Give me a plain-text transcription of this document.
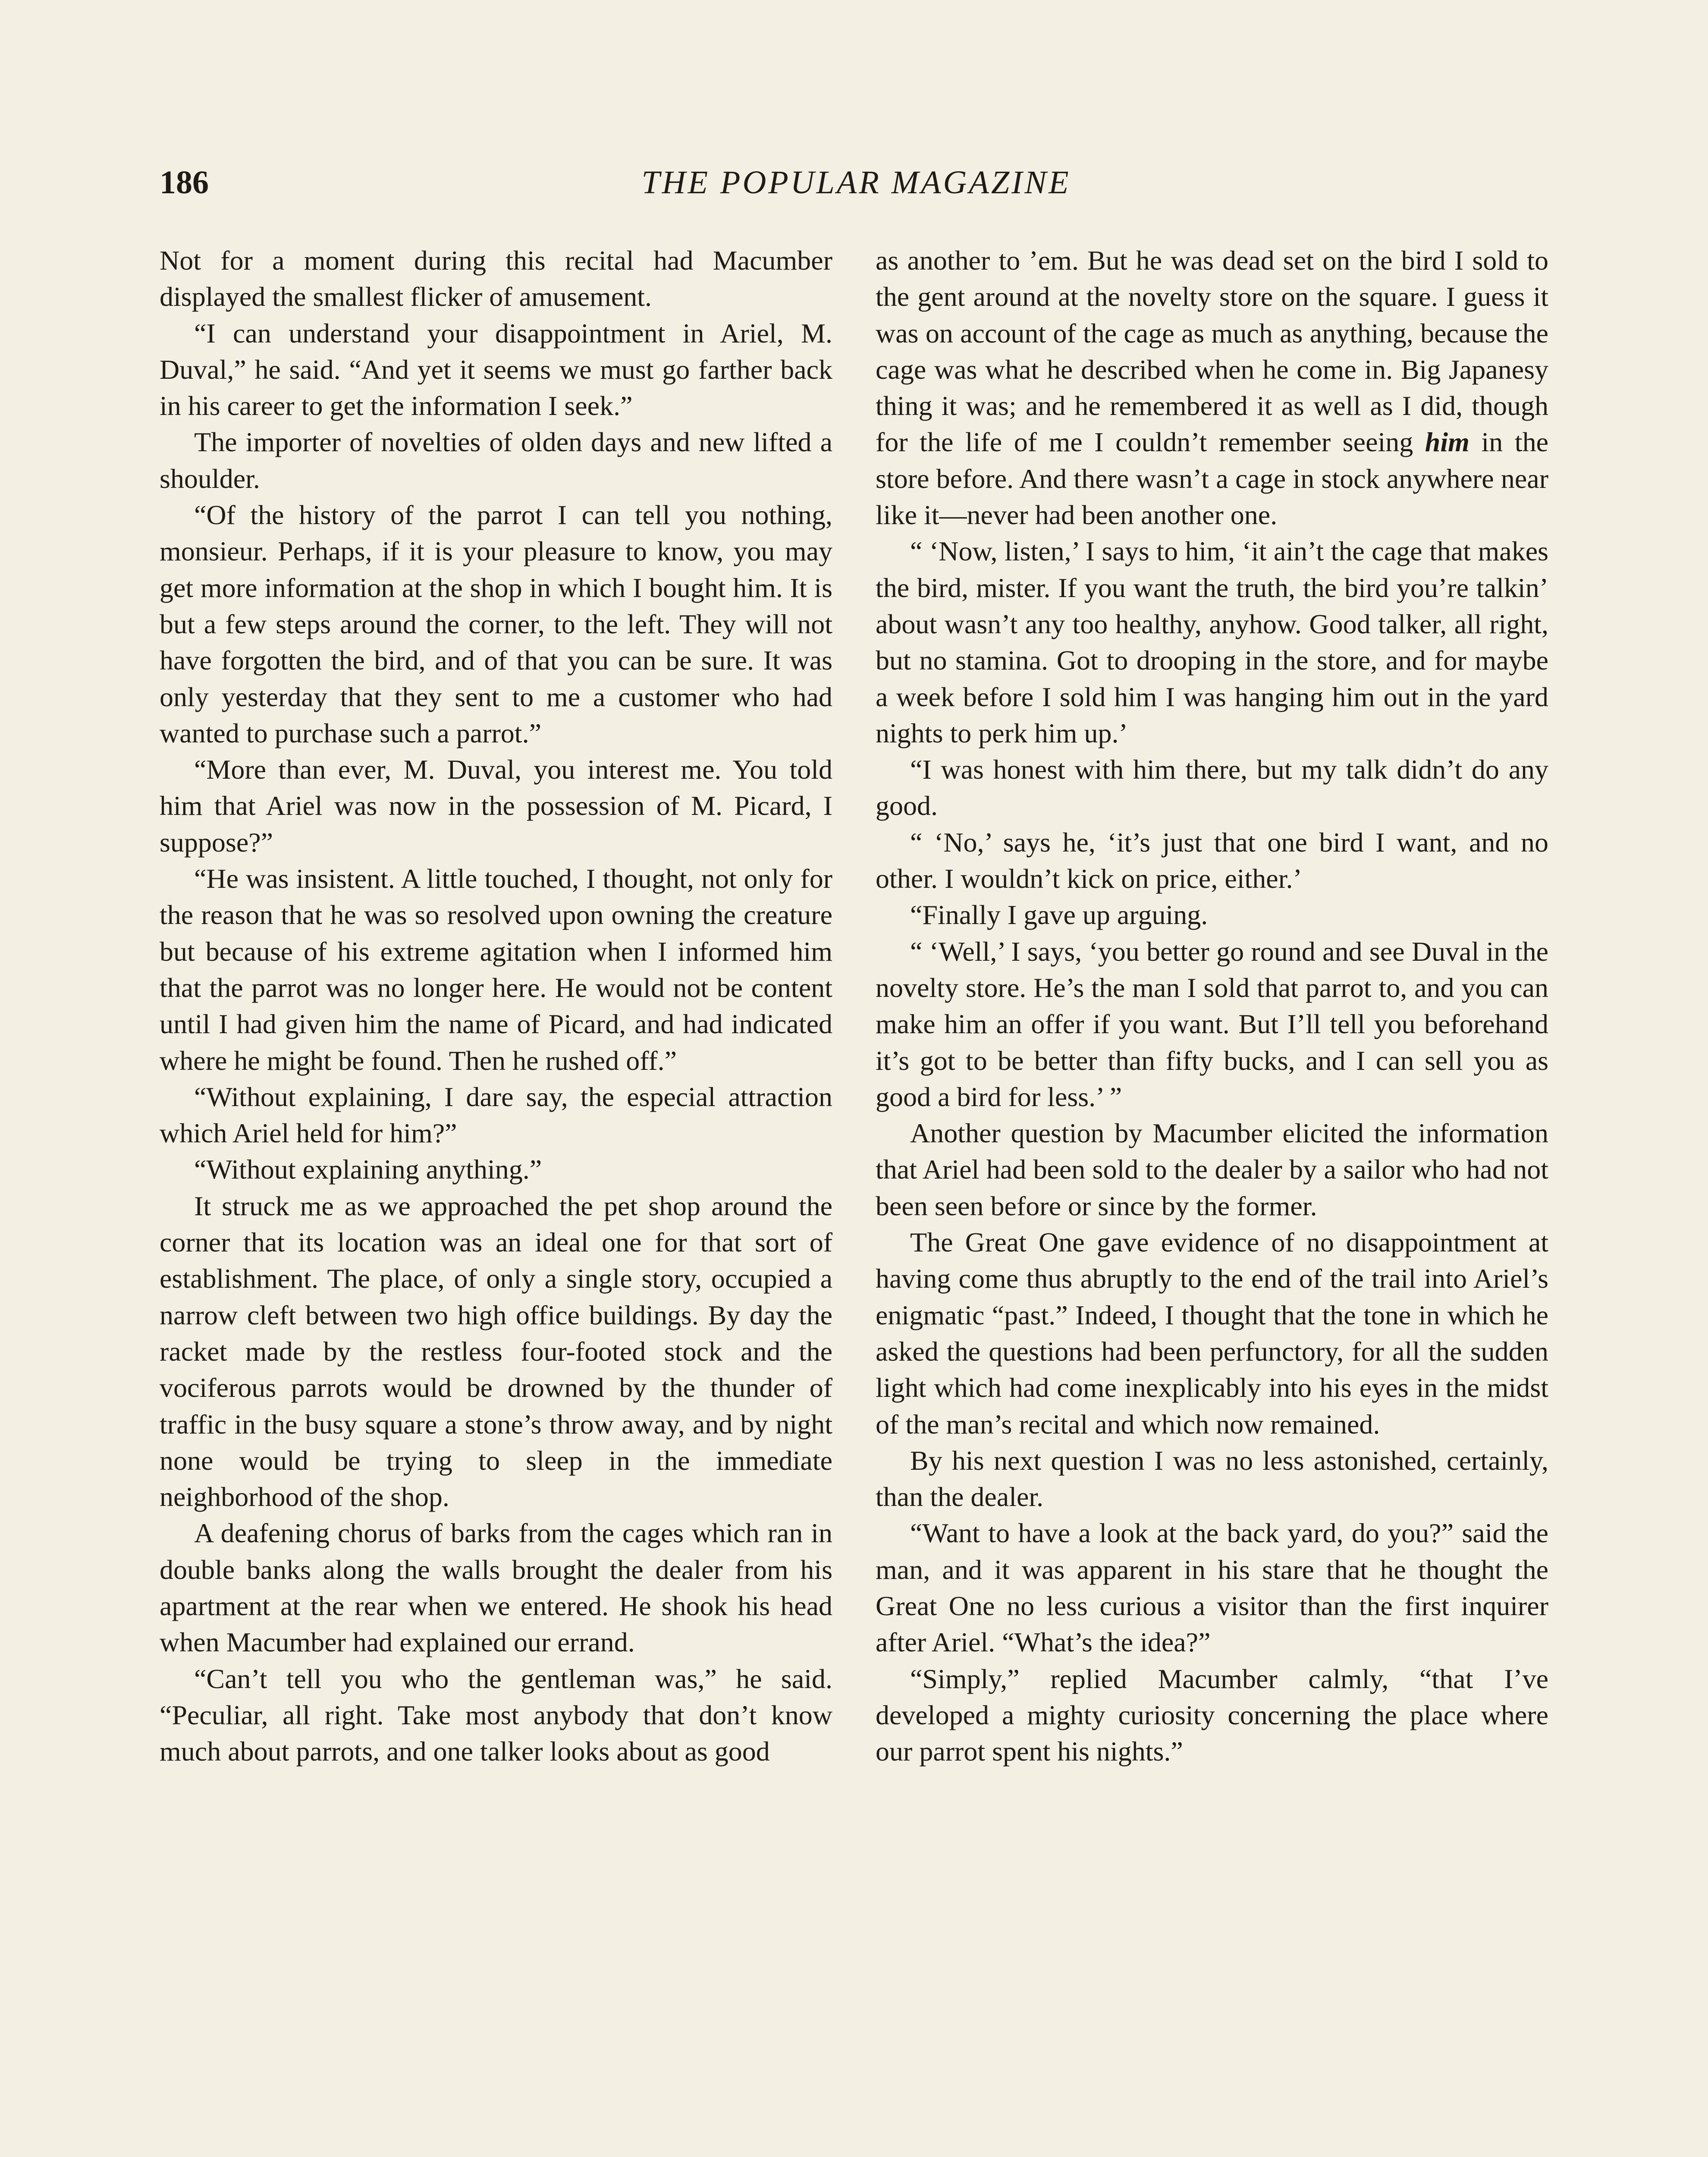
186	THE POPULAR MAGAZINE

Not for a moment during this recital had Macumber displayed the smallest flicker of amusement.

“I can understand your disappointment in Ariel, M. Duval,” he said. “And yet it seems we must go farther back in his career to get the information I seek.”

The importer of novelties of olden days and new lifted a shoulder.

“Of the history of the parrot I can tell you nothing, monsieur. Perhaps, if it is your pleasure to know, you may get more information at the shop in which I bought him. It is but a few steps around the corner, to the left. They will not have forgotten the bird, and of that you can be sure. It was only yesterday that they sent to me a customer who had wanted to purchase such a parrot.”

“More than ever, M. Duval, you interest me. You told him that Ariel was now in the possession of M. Picard, I suppose?”

“He was insistent. A little touched, I thought, not only for the reason that he was so resolved upon owning the creature but because of his extreme agitation when I informed him that the parrot was no longer here. He would not be content until I had given him the name of Picard, and had indicated where he might be found. Then he rushed off.”

“Without explaining, I dare say, the especial attraction which Ariel held for him?”

“Without explaining anything.”

It struck me as we approached the pet shop around the corner that its location was an ideal one for that sort of establishment. The place, of only a single story, occupied a narrow cleft between two high office buildings. By day the racket made by the restless four-footed stock and the vociferous parrots would be drowned by the thunder of traffic in the busy square a stone’s throw away, and by night none would be trying to sleep in the immediate neighborhood of the shop.

A deafening chorus of barks from the cages which ran in double banks along the walls brought the dealer from his apartment at the rear when we entered. He shook his head when Macumber had explained our errand.

“Can’t tell you who the gentleman was,” he said. “Peculiar, all right. Take most anybody that don’t know much about parrots, and one talker looks about as good

as another to ’em. But he was dead set on the bird I sold to the gent around at the novelty store on the square. I guess it was on account of the cage as much as anything, because the cage was what he described when he come in. Big Japanesy thing it was; and he remembered it as well as I did, though for the life of me I couldn’t remember seeing him in the store before. And there wasn’t a cage in stock anywhere near like it—never had been another one.

“ ‘Now, listen,’ I says to him, ‘it ain’t the cage that makes the bird, mister. If you want the truth, the bird you’re talkin’ about wasn’t any too healthy, anyhow. Good talker, all right, but no stamina. Got to drooping in the store, and for maybe a week before I sold him I was hanging him out in the yard nights to perk him up.’

“I was honest with him there, but my talk didn’t do any good.

“ ‘No,’ says he, ‘it’s just that one bird I want, and no other. I wouldn’t kick on price, either.’

“Finally I gave up arguing.

“ ‘Well,’ I says, ‘you better go round and see Duval in the novelty store. He’s the man I sold that parrot to, and you can make him an offer if you want. But I’ll tell you beforehand it’s got to be better than fifty bucks, and I can sell you as good a bird for less.’ ”

Another question by Macumber elicited the information that Ariel had been sold to the dealer by a sailor who had not been seen before or since by the former.

The Great One gave evidence of no disappointment at having come thus abruptly to the end of the trail into Ariel’s enigmatic “past.” Indeed, I thought that the tone in which he asked the questions had been perfunctory, for all the sudden light which had come inexplicably into his eyes in the midst of the man’s recital and which now remained.

By his next question I was no less astonished, certainly, than the dealer.

“Want to have a look at the back yard, do you?” said the man, and it was apparent in his stare that he thought the Great One no less curious a visitor than the first inquirer after Ariel. “What’s the idea?”

“Simply,” replied Macumber calmly, “that I’ve developed a mighty curiosity concerning the place where our parrot spent his nights.”
